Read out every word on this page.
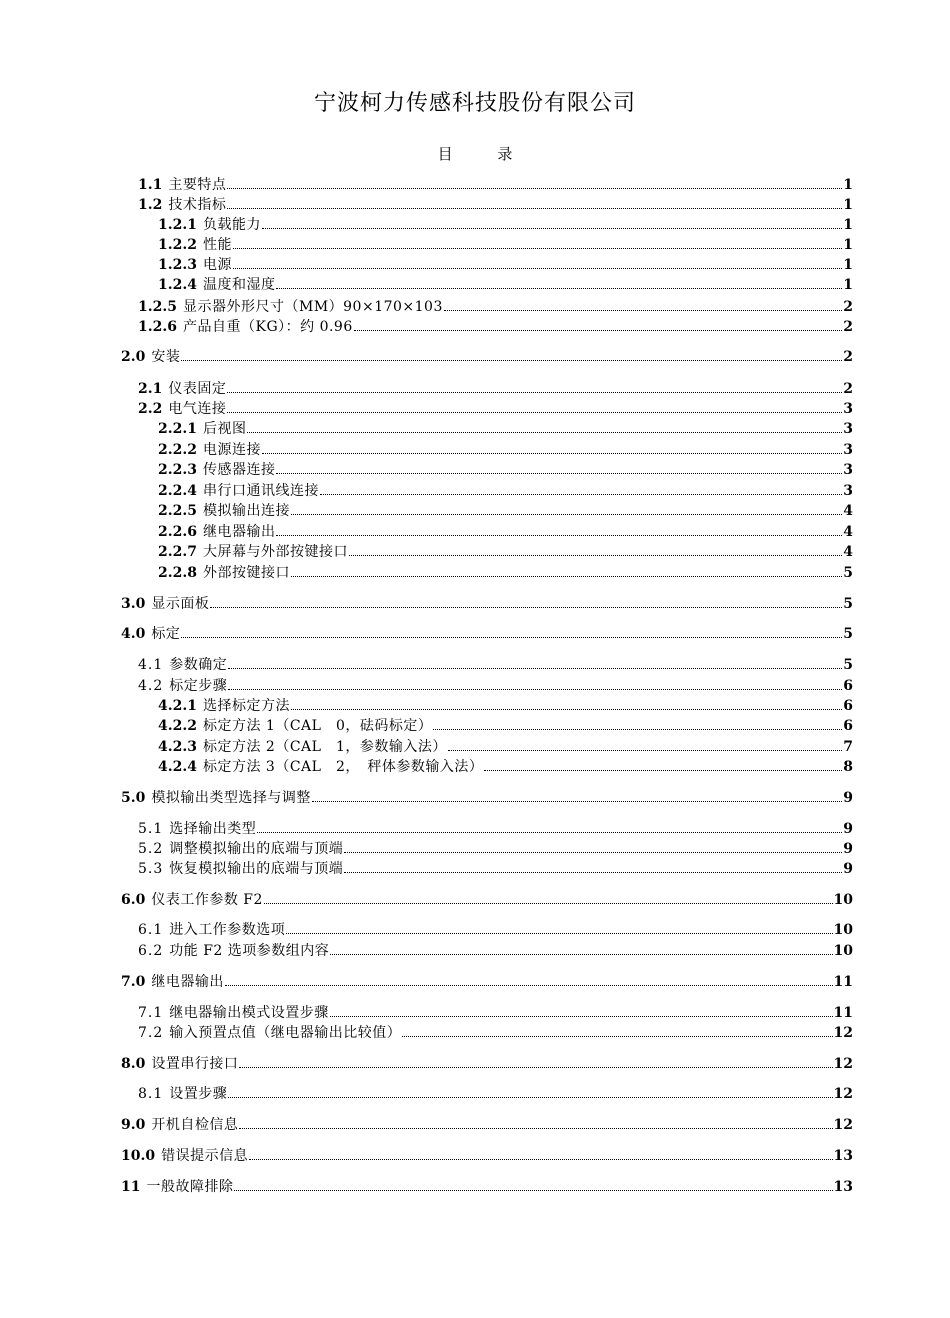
宁波柯力传感科技股份有限公司
目 录
1.1 主要特点	1
1.2 技术指标	1
1.2.1 负载能力	1
1.2.2 性能	1
1.2.3 电源	1
1.2.4 温度和湿度	1
1.2.5 显示器外形尺寸（MM）90×170×103	2
1.2.6 产品自重（KG）：约 0.96	2
2.0 安装	2
2.1 仪表固定	2
2.2 电气连接	3
2.2.1 后视图	3
2.2.2 电源连接	3
2.2.3 传感器连接	3
2.2.4 串行口通讯线连接	3
2.2.5 模拟输出连接	4
2.2.6 继电器输出	4
2.2.7 大屏幕与外部按键接口	4
2.2.8 外部按键接口	5
3.0 显示面板	5
4.0 标定	5
4.1 参数确定	5
4.2 标定步骤	6
4.2.1 选择标定方法	6
4.2.2 标定方法 1（CAL　0，砝码标定）	6
4.2.3 标定方法 2（CAL　1，参数输入法）	7
4.2.4 标定方法 3（CAL　2，　秤体参数输入法）	8
5.0 模拟输出类型选择与调整	9
5.1 选择输出类型	9
5.2 调整模拟输出的底端与顶端	9
5.3 恢复模拟输出的底端与顶端	9
6.0 仪表工作参数 F2	10
6.1 进入工作参数选项	10
6.2 功能 F2 选项参数组内容	10
7.0 继电器输出	11
7.1 继电器输出模式设置步骤	11
7.2 输入预置点值（继电器输出比较值）	12
8.0 设置串行接口	12
8.1 设置步骤	12
9.0 开机自检信息	12
10.0 错误提示信息	13
11 一般故障排除	13
